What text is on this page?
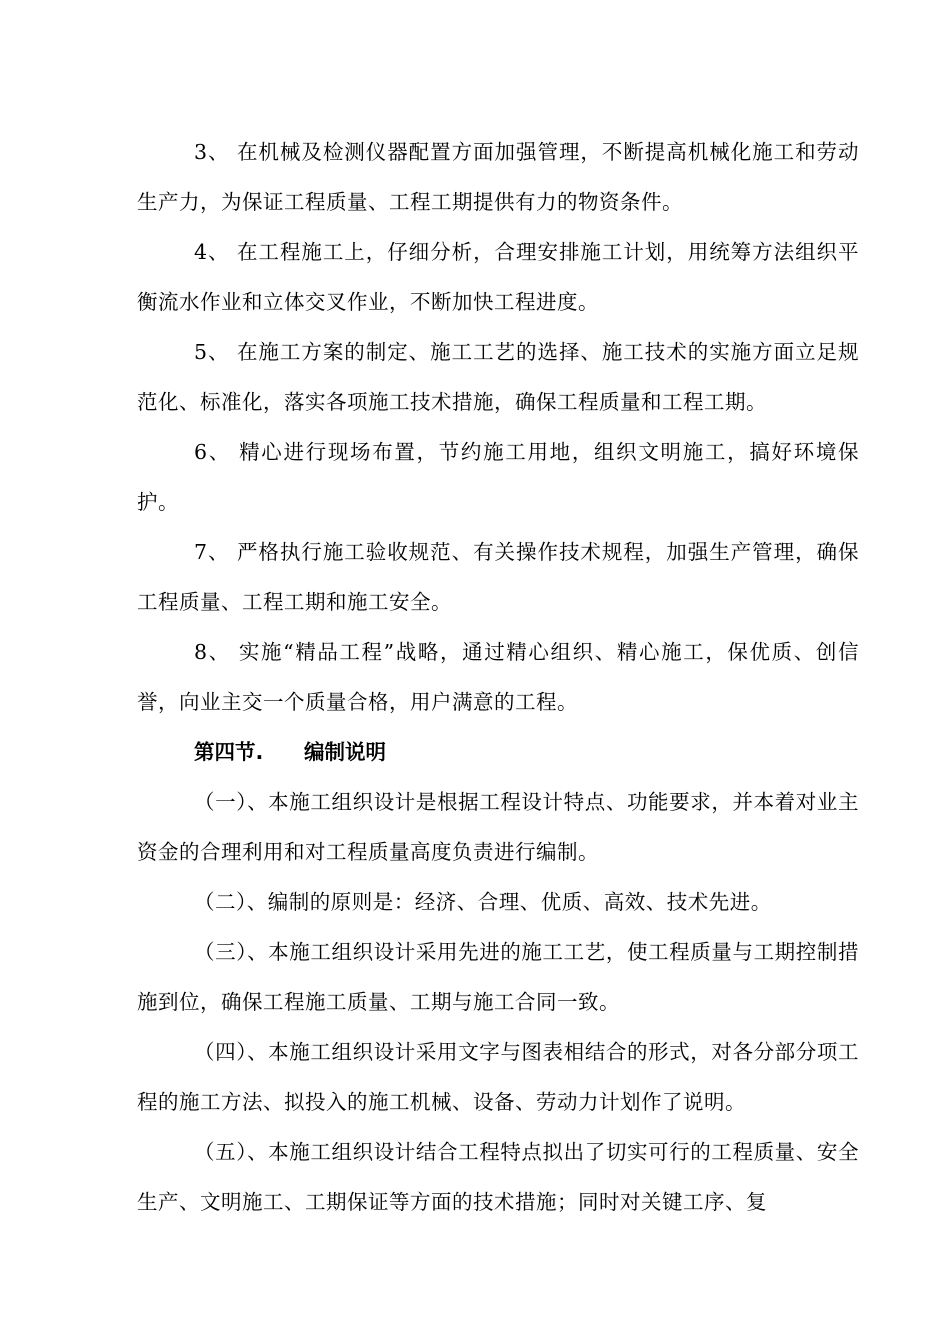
3、 在机械及检测仪器配置方面加强管理，不断提高机械化施工和劳动生产力，为保证工程质量、工程工期提供有力的物资条件。

4、 在工程施工上，仔细分析，合理安排施工计划，用统筹方法组织平衡流水作业和立体交叉作业，不断加快工程进度。

5、 在施工方案的制定、施工工艺的选择、施工技术的实施方面立足规范化、标准化，落实各项施工技术措施，确保工程质量和工程工期。

6、 精心进行现场布置，节约施工用地，组织文明施工，搞好环境保护。

7、 严格执行施工验收规范、有关操作技术规程，加强生产管理，确保工程质量、工程工期和施工安全。

8、 实施“精品工程”战略，通过精心组织、精心施工，保优质、创信誉，向业主交一个质量合格，用户满意的工程。

第四节. 编制说明

（一）、本施工组织设计是根据工程设计特点、功能要求，并本着对业主资金的合理利用和对工程质量高度负责进行编制。

（二）、编制的原则是：经济、合理、优质、高效、技术先进。

（三）、本施工组织设计采用先进的施工工艺，使工程质量与工期控制措施到位，确保工程施工质量、工期与施工合同一致。

（四）、本施工组织设计采用文字与图表相结合的形式，对各分部分项工程的施工方法、拟投入的施工机械、设备、劳动力计划作了说明。

（五）、本施工组织设计结合工程特点拟出了切实可行的工程质量、安全生产、文明施工、工期保证等方面的技术措施；同时对关键工序、复
